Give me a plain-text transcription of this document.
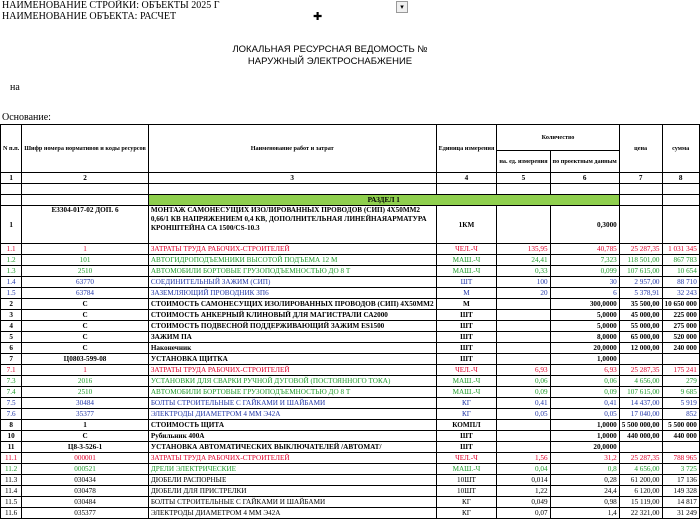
НАИМЕНОВАНИЕ СТРОЙКИ: ОБЪЕКТЫ 2025 Г	▾
НАИМЕНОВАНИЕ ОБЪЕКТА: РАСЧЕТ	✚
ЛОКАЛЬНАЯ РЕСУРСНАЯ ВЕДОМОСТЬ №
НАРУЖНЫЙ ЭЛЕКТРОСНАБЖЕНИЕ
на
Основание:
N п.п.	Шифр номера нормативов и коды ресурсов	Наименование работ и затрат	Единица измерения	Количество		цена	сумма
				на. ед. измерения	по проектным данным		
1	2	3	4	5	6	7	8

		РАЗДЕЛ 1					
1	Е3304-017-02 ДОП. 6	МОНТАЖ САМОНЕСУЩИХ ИЗОЛИРОВАННЫХ ПРОВОДОВ (СИП) 4Х50ММ2 0,66/1 КВ НАПРЯЖЕНИЕМ 0,4 КВ, ДОПОЛНИТЕЛЬНАЯ ЛИНЕЙНАЯАРМАТУРА КРОНШТЕЙНА СА 1500/CS-10.3	1КМ		0,3000		
1.1	1	ЗАТРАТЫ ТРУДА РАБОЧИХ-СТРОИТЕЛЕЙ	ЧЕЛ.-Ч	135,95	40,785	25 287,35	1 031 345
1.2	101	АВТОГИДРОПОДЪЕМНИКИ ВЫСОТОЙ ПОДЪЕМА 12 М	МАШ.-Ч	24,41	7,323	118 501,00	867 783
1.3	2510	АВТОМОБИЛИ БОРТОВЫЕ ГРУЗОПОДЪЕМНОСТЬЮ ДО 8 Т	МАШ.-Ч	0,33	0,099	107 615,00	10 654
1.4	63770	СОЕДИНИТЕЛЬНЫЙ ЗАЖИМ (СИП)	ШТ	100	30	2 957,00	88 710
1.5	63784	ЗАЗЕМЛЯЮЩИЙ ПРОВОДНИК ЗП6	М	20	6	5 378,91	32 243
2	С	СТОИМОСТЬ САМОНЕСУЩИХ ИЗОЛИРОВАННЫХ ПРОВОДОВ (СИП) 4Х50ММ2	М		300,0000	35 500,00	10 650 000
3	С	СТОИМОСТЬ АНКЕРНЫЙ КЛИНОВЫЙ ДЛЯ МАГИСТРАЛИ СА2000	ШТ		5,0000	45 000,00	225 000
4	С	СТОИМОСТЬ ПОДВЕСНОЙ ПОДДЕРЖИВАЮЩИЙ ЗАЖИМ ES1500	ШТ		5,0000	55 000,00	275 000
5	С	ЗАЖИМ ПА	ШТ		8,0000	65 000,00	520 000
6	С	Наконечник	ШТ		20,0000	12 000,00	240 000
7	Ц0803-599-08	УСТАНОВКА ЩИТКА	ШТ		1,0000		
7.1	1	ЗАТРАТЫ ТРУДА РАБОЧИХ-СТРОИТЕЛЕЙ	ЧЕЛ.-Ч	6,93	6,93	25 287,35	175 241
7.3	2016	УСТАНОВКИ ДЛЯ СВАРКИ РУЧНОЙ ДУГОВОЙ (ПОСТОЯННОГО ТОКА)	МАШ.-Ч	0,06	0,06	4 656,00	279
7.4	2510	АВТОМОБИЛИ БОРТОВЫЕ ГРУЗОПОДЪЕМНОСТЬЮ ДО 8 Т	МАШ.-Ч	0,09	0,09	107 615,00	9 685
7.5	30484	БОЛТЫ СТРОИТЕЛЬНЫЕ С ГАЙКАМИ И ШАЙБАМИ	КГ	0,41	0,41	14 437,00	5 919
7.6	35377	ЭЛЕКТРОДЫ ДИАМЕТРОМ 4 ММ Э42А	КГ	0,05	0,05	17 040,00	852
8	1	СТОИМОСТЬ ЩИТА	КОМПЛ		1,0000	5 500 000,00	5 500 000
10	С	Рубильник 400А	ШТ		1,0000	440 000,00	440 000
11	Ц8-3-526-1	УСТАНОВКА АВТОМАТИЧЕСКИХ ВЫКЛЮЧАТЕЛЕЙ /АВТОМАТ/	ШТ		20,0000		
11.1	000001	ЗАТРАТЫ ТРУДА РАБОЧИХ-СТРОИТЕЛЕЙ	ЧЕЛ.-Ч	1,56	31,2	25 287,35	788 965
11.2	000521	ДРЕЛИ ЭЛЕКТРИЧЕСКИЕ	МАШ.-Ч	0,04	0,8	4 656,00	3 725
11.3	030434	ДЮБЕЛИ РАСПОРНЫЕ	10ШТ	0,014	0,28	61 200,00	17 136
11.4	030478	ДЮБЕЛИ ДЛЯ ПРИСТРЕЛКИ	10ШТ	1,22	24,4	6 120,00	149 328
11.5	030484	БОЛТЫ СТРОИТЕЛЬНЫЕ С ГАЙКАМИ И ШАЙБАМИ	КГ	0,049	0,98	15 119,00	14 817
11.6	035377	ЭЛЕКТРОДЫ ДИАМЕТРОМ 4 ММ Э42А	КГ	0,07	1,4	22 321,00	31 249
